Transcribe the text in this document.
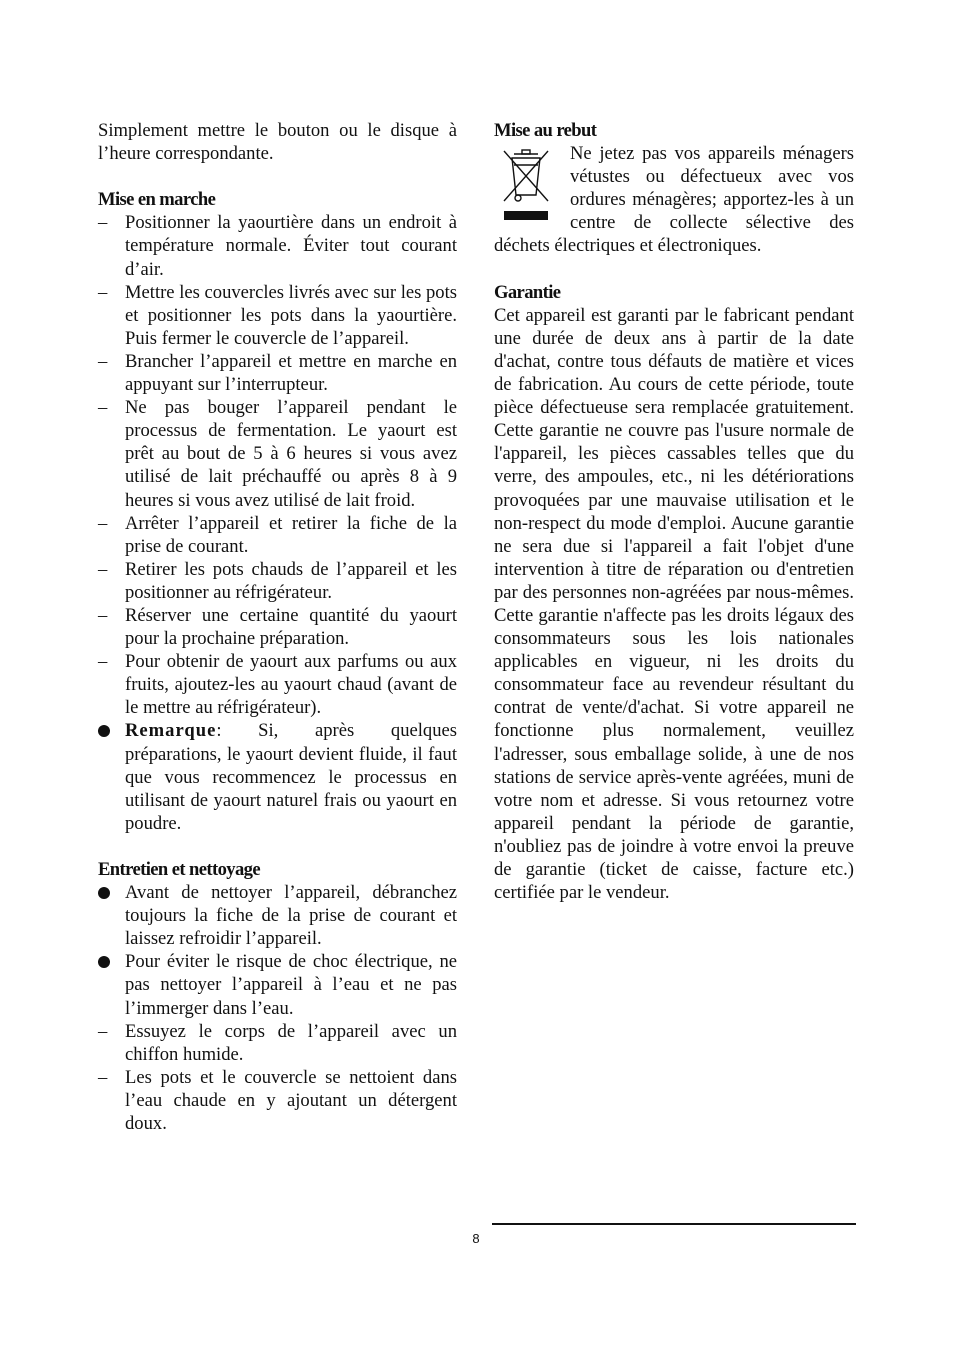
Simplement mettre le bouton ou le disque à l’heure correspondante.

Mise en marche

– Positionner la yaourtière dans un endroit à température normale. Éviter tout courant d’air.
– Mettre les couvercles livrés avec sur les pots et positionner les pots dans la yaourtière. Puis fermer le couvercle de l’appareil.
– Brancher l’appareil et mettre en marche en appuyant sur l’interrupteur.
– Ne pas bouger l’appareil pendant le processus de fermentation. Le yaourt est prêt au bout de 5 à 6 heures si vous avez utilisé de lait préchauffé ou après 8 à 9 heures si vous avez utilisé de lait froid.
– Arrêter l’appareil et retirer la fiche de la prise de courant.
– Retirer les pots chauds de l’appareil et les positionner au réfrigérateur.
– Réserver une certaine quantité du yaourt pour la prochaine préparation.
– Pour obtenir de yaourt aux parfums ou aux fruits, ajoutez-les au yaourt chaud (avant de le mettre au réfrigérateur).
Remarque: Si, après quelques préparations, le yaourt devient fluide, il faut que vous recommencez le processus en utilisant de yaourt naturel frais ou yaourt en poudre.

Entretien et nettoyage

Avant de nettoyer l’appareil, débranchez toujours la fiche de la prise de courant et laissez refroidir l’appareil.
Pour éviter le risque de choc électrique, ne pas nettoyer l’appareil à l’eau et ne pas l’immerger dans l’eau.
– Essuyez le corps de l’appareil avec un chiffon humide.
– Les pots et le couvercle se nettoient dans l’eau chaude en y ajoutant un détergent doux.

Mise au rebut

Ne jetez pas vos appareils ménagers vétustes ou défectueux avec vos ordures ménagères; apportez-les à un centre de collecte sélective des déchets électriques et électroniques.

Garantie

Cet appareil est garanti par le fabricant pendant une durée de deux ans à partir de la date d'achat, contre tous défauts de matière et vices de fabrication. Au cours de cette période, toute pièce défectueuse sera remplacée gratuitement. Cette garantie ne couvre pas l'usure normale de l'appareil, les pièces cassables telles que du verre, des ampoules, etc., ni les détériorations provoquées par une mauvaise utilisation et le non-respect du mode d'emploi. Aucune garantie ne sera due si l'appareil a fait l'objet d'une intervention à titre de réparation ou d'entretien par des personnes non-agréées par nous-mêmes. Cette garantie n'affecte pas les droits légaux des consommateurs sous les lois nationales applicables en vigueur, ni les droits du consommateur face au revendeur résultant du contrat de vente/d'achat. Si votre appareil ne fonctionne plus normalement, veuillez l'adresser, sous emballage solide, à une de nos stations de service après-vente agréées, muni de votre nom et adresse. Si vous retournez votre appareil pendant la période de garantie, n'oubliez pas de joindre à votre envoi la preuve de garantie (ticket de caisse, facture etc.) certifiée par le vendeur.

8
